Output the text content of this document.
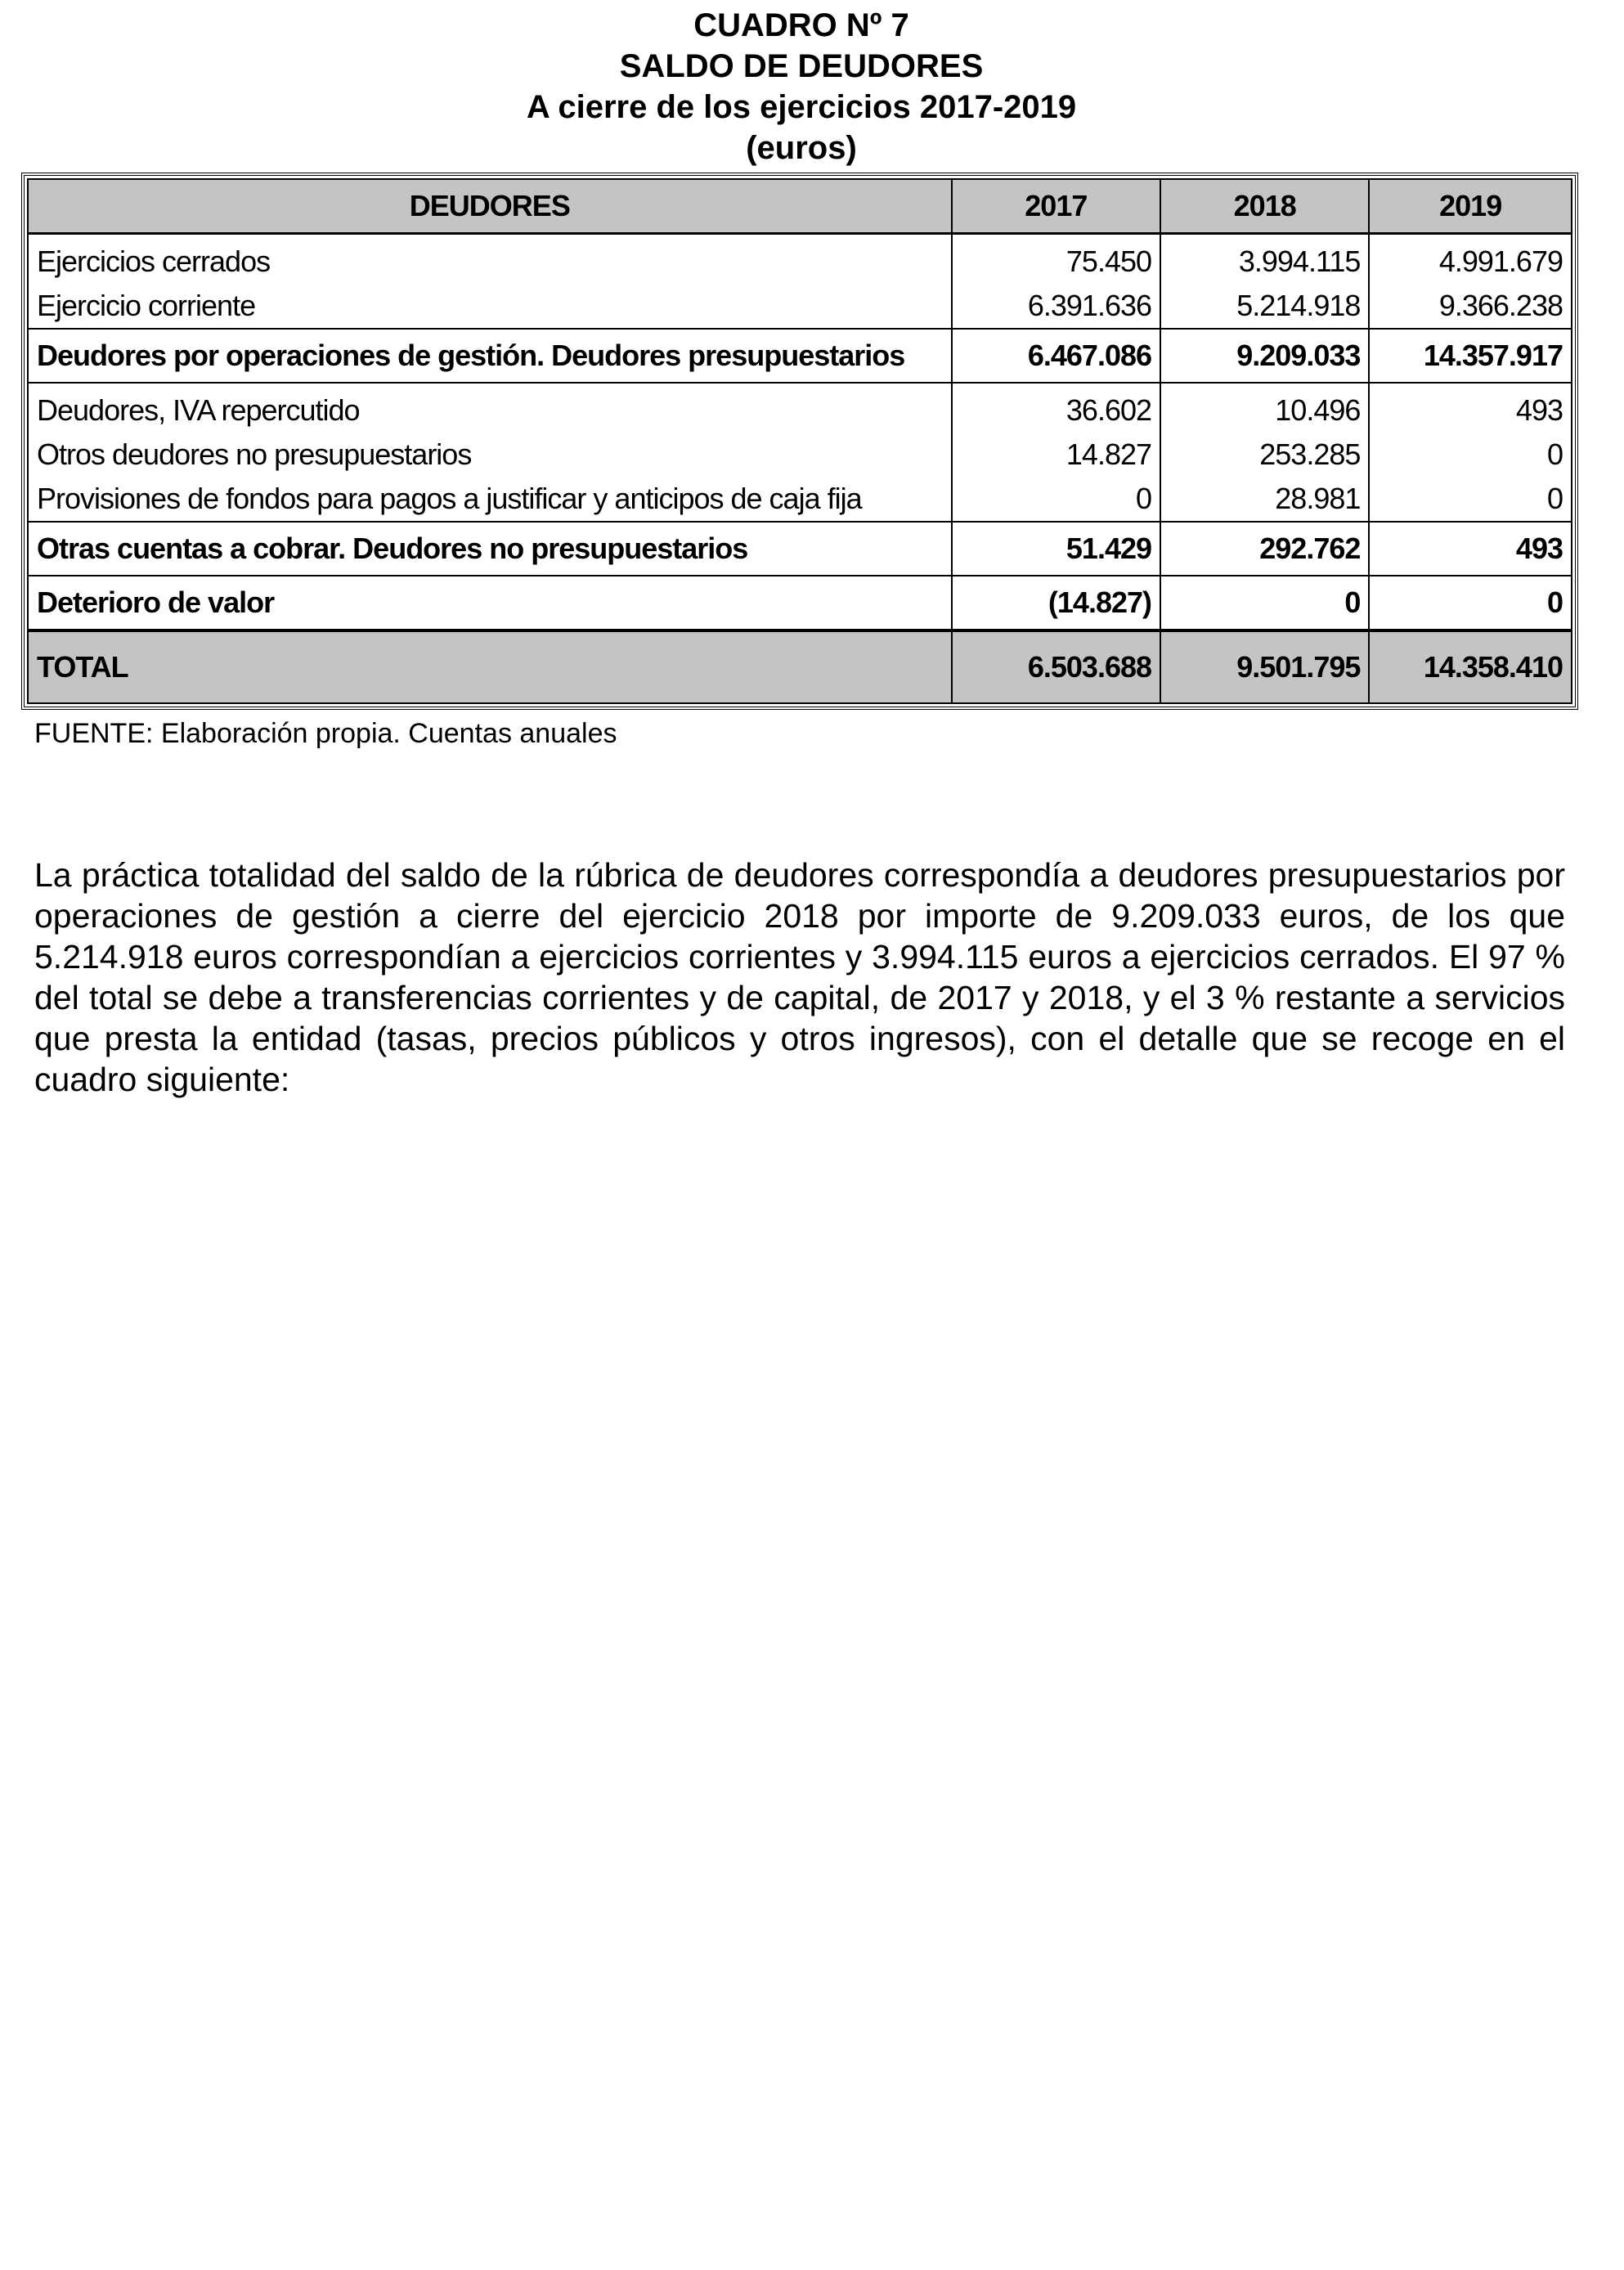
CUADRO Nº 7
SALDO DE DEUDORES
A cierre de los ejercicios 2017-2019
(euros)
DEUDORES	2017	2018	2019
Ejercicios cerrados	75.450	3.994.115	4.991.679
Ejercicio corriente	6.391.636	5.214.918	9.366.238
Deudores por operaciones de gestión. Deudores presupuestarios	6.467.086	9.209.033	14.357.917
Deudores, IVA repercutido	36.602	10.496	493
Otros deudores no presupuestarios	14.827	253.285	0
Provisiones de fondos para pagos a justificar y anticipos de caja fija	0	28.981	0
Otras cuentas a cobrar. Deudores no presupuestarios	51.429	292.762	493
Deterioro de valor	(14.827)	0	0
TOTAL	6.503.688	9.501.795	14.358.410
FUENTE: Elaboración propia. Cuentas anuales

La práctica totalidad del saldo de la rúbrica de deudores correspondía a deudores presupuestarios por operaciones de gestión a cierre del ejercicio 2018 por importe de 9.209.033 euros, de los que 5.214.918 euros correspondían a ejercicios corrientes y 3.994.115 euros a ejercicios cerrados. El 97 % del total se debe a transferencias corrientes y de capital, de 2017 y 2018, y el 3 % restante a servicios que presta la entidad (tasas, precios públicos y otros ingresos), con el detalle que se recoge en el cuadro siguiente:
